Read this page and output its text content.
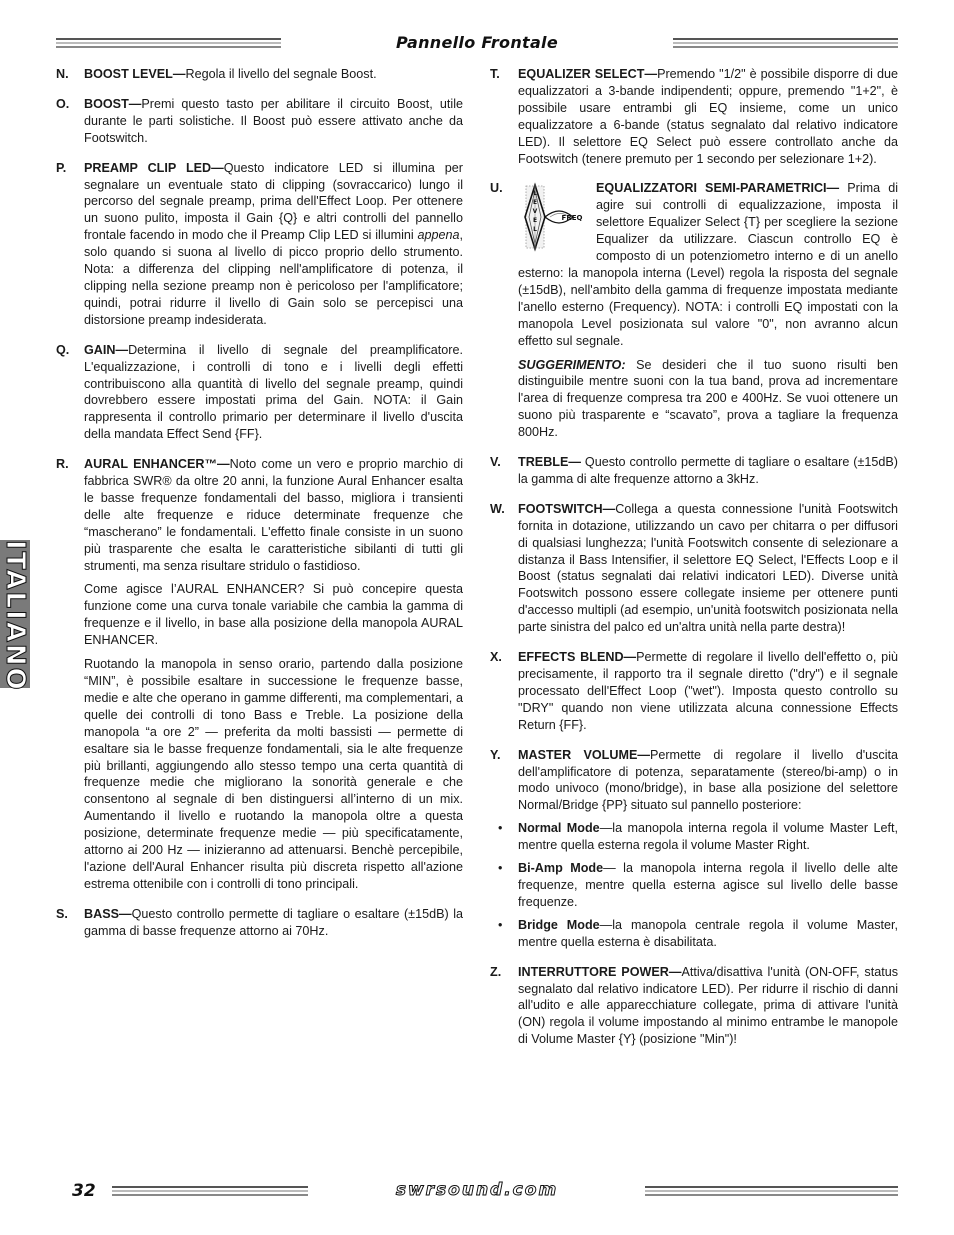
Pannello Frontale
ITALIANO
N.	BOOST LEVEL—Regola il livello del segnale Boost.
O.	BOOST—Premi questo tasto per abilitare il circuito Boost, utile durante le parti solistiche. Il Boost può essere attivato anche da Footswitch.
P.	PREAMP CLIP LED—Questo indicatore LED si illumina per segnalare un eventuale stato di clipping (sovraccarico) lungo il percorso del segnale preamp, prima dell'Effect Loop. Per ottenere un suono pulito, imposta il Gain {Q} e altri controlli del pannello frontale facendo in modo che il Preamp Clip LED si illumini appena, solo quando si suona al livello di picco proprio dello strumento. Nota: a differenza del clipping nell'amplificatore di potenza, il clipping nella sezione preamp non è pericoloso per l'amplificatore; quindi, potrai ridurre il livello di Gain solo se percepisci una distorsione preamp indesiderata.
Q.	GAIN—Determina il livello di segnale del preamplificatore. L'equalizzazione, i controlli di tono e i livelli degli effetti contribuiscono alla quantità di livello del segnale preamp, quindi dovrebbero essere impostati prima del Gain. NOTA: il Gain rappresenta il controllo primario per determinare il livello d'uscita della mandata Effect Send {FF}.
R.	AURAL ENHANCER™—Noto come un vero e proprio marchio di fabbrica SWR® da oltre 20 anni, la funzione Aural Enhancer esalta le basse frequenze fondamentali del basso, migliora i transienti delle alte frequenze e riduce determinate frequenze che “mascherano” le fondamentali. L'effetto finale consiste in un suono più trasparente che esalta le caratteristiche sibilanti di tutti gli strumenti, ma senza risultare stridulo o fastidioso.

Come agisce l’AURAL ENHANCER? Si può concepire questa funzione come una curva tonale variabile che cambia la gamma di frequenze e il livello, in base alla posizione della manopola AURAL ENHANCER.

Ruotando la manopola in senso orario, partendo dalla posizione “MIN”, è possibile esaltare in successione le frequenze basse, medie e alte che operano in gamme differenti, ma complementari, a quelle dei controlli di tono Bass e Treble. La posizione della manopola “a ore 2” — preferita da molti bassisti — permette di esaltare sia le basse frequenze fondamentali, sia le alte frequenze più brillanti, aggiungendo allo stesso tempo una certa quantità di frequenze medie che migliorano la sonorità generale e che consentono al segnale di ben distinguersi all’interno di un mix. Aumentando il livello e ruotando la manopola oltre a questa posizione, determinate frequenze medie — più specificatamente, attorno ai 200 Hz — inizieranno ad attenuarsi. Benchè percepibile, l'azione dell'Aural Enhancer risulta più discreta rispetto all'azione estrema ottenibile con i controlli di tono principali.

S.	BASS—Questo controllo permette di tagliare o esaltare (±15dB) la gamma di basse frequenze attorno ai 70Hz.
T.	EQUALIZER SELECT—Premendo "1/2" è possibile disporre di due equalizzatori a 3-bande indipendenti; oppure, premendo "1+2", è possibile usare entrambi gli EQ insieme, come un unico equalizzatore a 6-bande (status segnalato dal relativo indicatore LED). Il selettore EQ Select può essere controllato anche da Footswitch (tenere premuto per 1 secondo per selezionare 1+2).
U.	EQUALIZZATORI SEMI-PARAMETRICI—
L
E
V
E
L
FREQ
Prima di agire sui controlli di equalizzazione, imposta il selettore Equalizer Select {T} per scegliere la sezione Equalizer da utilizzare. Ciascun controllo EQ è composto di un potenziometro interno e di un anello esterno: la manopola interna (Level) regola la risposta del segnale (±15dB), nell'ambito della gamma di frequenze impostata mediante l'anello esterno (Frequency). NOTA: i controlli EQ impostati con la manopola Level posizionata sul valore "0", non avranno alcun effetto sul segnale.

SUGGERIMENTO: Se desideri che il tuo suono risulti ben distinguibile mentre suoni con la tua band, prova ad incrementare l'area di frequenze compresa tra 200 e 400Hz. Se vuoi ottenere un suono più trasparente e “scavato”, prova a tagliare la frequenza 800Hz.

V.	TREBLE— Questo controllo permette di tagliare o esaltare (±15dB) la gamma di alte frequenze attorno a 3kHz.
W.	FOOTSWITCH—Collega a questa connessione l'unità Footswitch fornita in dotazione, utilizzando un cavo per chitarra o per diffusori di qualsiasi lunghezza; l'unità Footswitch consente di selezionare a distanza il Bass Intensifier, il selettore EQ Select, l'Effects Loop e il Boost (status segnalati dai relativi indicatori LED). Diverse unità Footswitch possono essere collegate insieme per ottenere punti d'accesso multipli (ad esempio, un'unità footswitch posizionata nella parte sinistra del palco ed un'altra unità nella parte destra)!
X.	EFFECTS BLEND—Permette di regolare il livello dell'effetto o, più precisamente, il rapporto tra il segnale diretto ("dry") e il segnale processato dell'Effect Loop ("wet"). Imposta questo controllo su "DRY" quando non viene utilizzata alcuna connessione Effects Return {FF}.
Y.	MASTER VOLUME—Permette di regolare il livello d'uscita dell'amplificatore di potenza, separatamente (stereo/bi-amp) o in modo univoco (mono/bridge), in base alla posizione del selettore Normal/Bridge {PP} situato sul pannello posteriore:
•	Normal Mode—la manopola interna regola il volume Master Left, mentre quella esterna regola il volume Master Right.
•	Bi-Amp Mode— la manopola interna regola il livello delle alte frequenze, mentre quella esterna agisce sul livello delle basse frequenze.
•	Bridge Mode—la manopola centrale regola il volume Master, mentre quella esterna è disabilitata.
Z.	INTERRUTTORE POWER—Attiva/disattiva l'unità (ON-OFF, status segnalato dal relativo indicatore LED). Per ridurre il rischio di danni all'udito e alle apparecchiature collegate, prima di attivare l'unità (ON) regola il volume impostando al minimo entrambe le manopole di Volume Master {Y} (posizione "Min")!
32	swrsound.com
